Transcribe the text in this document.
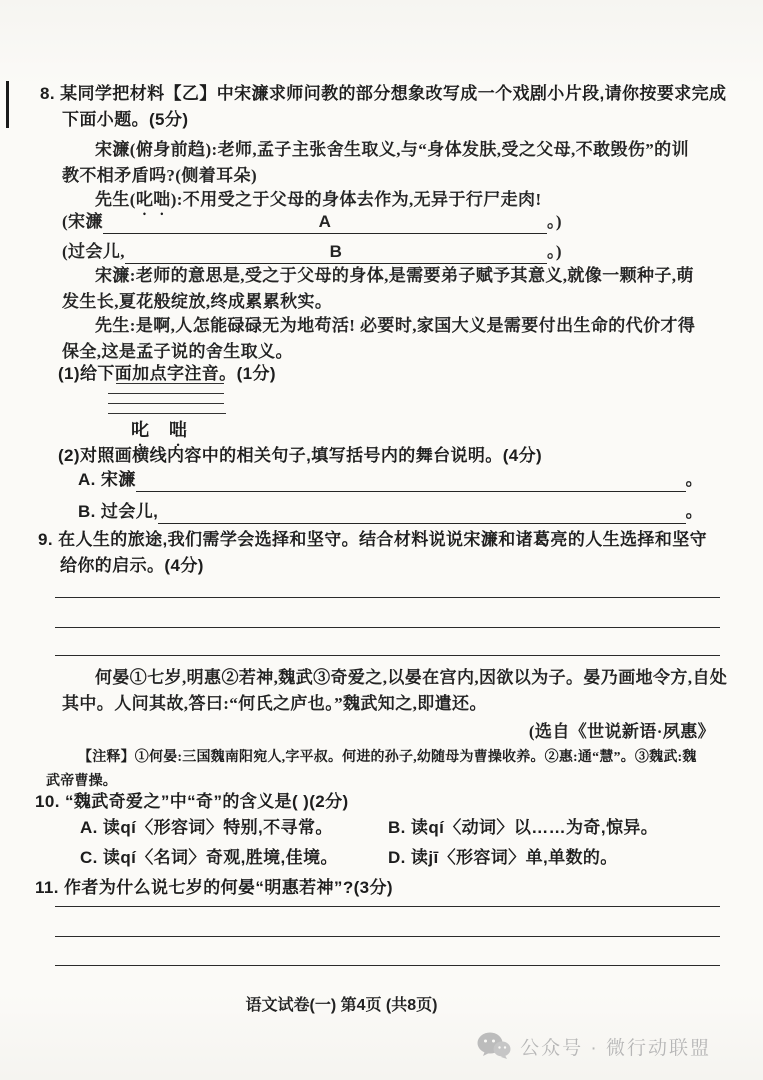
8. 某同学把材料【乙】中宋濂求师问教的部分想象改写成一个戏剧小片段,请你按要求完成
下面小题。(5分)
宋濂(俯身前趋):老师,孟子主张舍生取义,与“身体发肤,受之父母,不敢毁伤”的训
教不相矛盾吗?(侧着耳朵)
先生(叱咄):不用受之于父母的身体去作为,无异于行尸走肉!
(宋濂	A	。)
(过会儿,	B	。)
宋濂:老师的意思是,受之于父母的身体,是需要弟子赋予其意义,就像一颗种子,萌
发生长,夏花般绽放,终成累累秋实。
先生:是啊,人怎能碌碌无为地苟活! 必要时,家国大义是需要付出生命的代价才得
保全,这是孟子说的舍生取义。
(1)给下面加点字注音。(1分)
叱 咄
(2)对照画横线内容中的相关句子,填写括号内的舞台说明。(4分)
A. 宋濂	。
B. 过会儿,	。
9. 在人生的旅途,我们需学会选择和坚守。结合材料说说宋濂和诸葛亮的人生选择和坚守
给你的启示。(4分)
何晏①七岁,明惠②若神,魏武③奇爱之,以晏在宫内,因欲以为子。晏乃画地令方,自处
其中。人问其故,答曰:“何氏之庐也。”魏武知之,即遣还。
(选自《世说新语·夙惠》
【注释】①何晏:三国魏南阳宛人,字平叔。何进的孙子,幼随母为曹操收养。②惠:通“慧”。③魏武:魏
武帝曹操。
10. “魏武奇爱之”中“奇”的含义是( )(2分)
A. 读qí〈形容词〉特别,不寻常。	B. 读qí〈动词〉以……为奇,惊异。
C. 读qí〈名词〉奇观,胜境,佳境。	D. 读jī〈形容词〉单,单数的。
11. 作者为什么说七岁的何晏“明惠若神”?(3分)
语文试卷(一) 第4页 (共8页)
公众号 · 微行动联盟
